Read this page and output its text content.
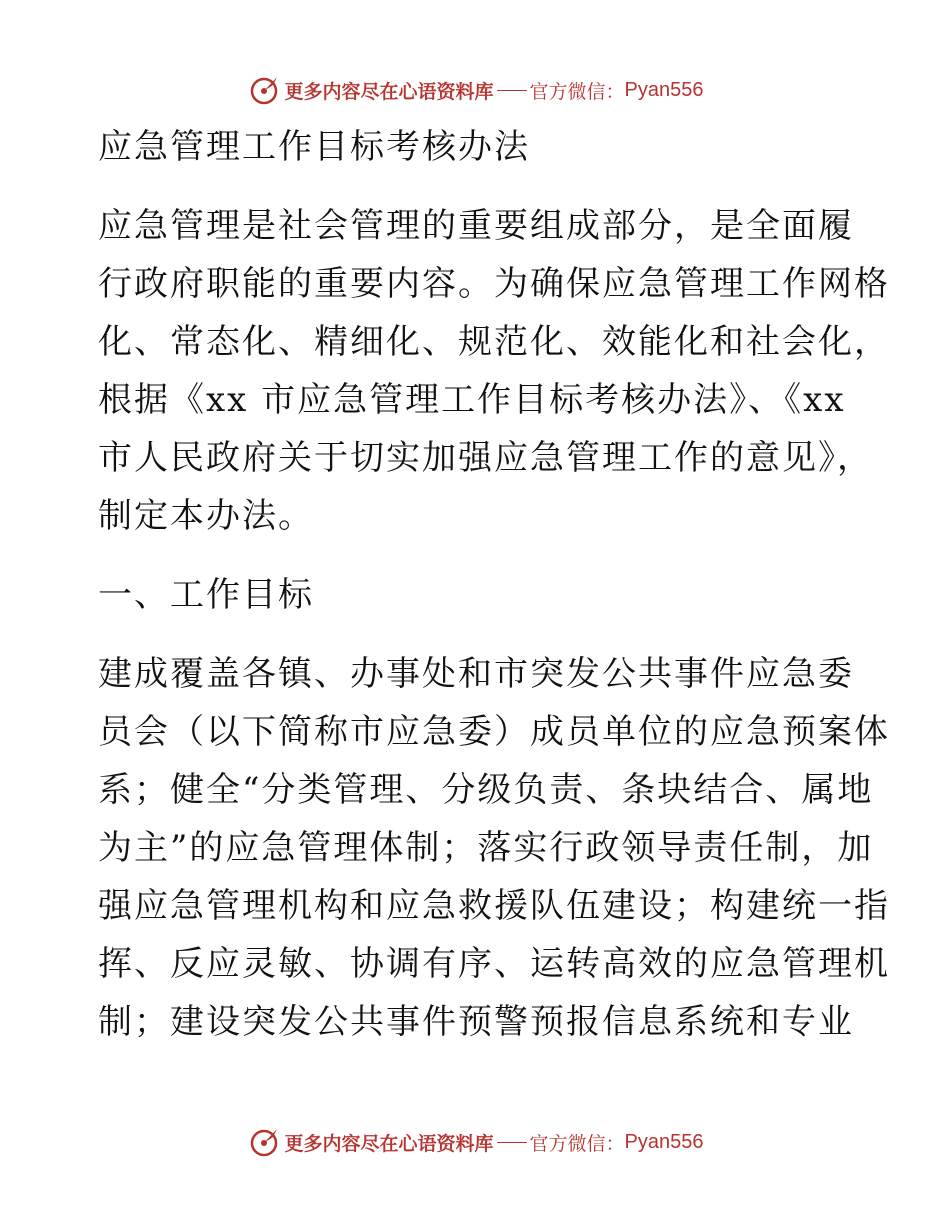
更多内容尽在心语资料库 官方微信： Pyan556
应急管理工作目标考核办法
应急管理是社会管理的重要组成部分，是全面履
行政府职能的重要内容。为确保应急管理工作网格
化、常态化、精细化、规范化、效能化和社会化，
根据《xx 市应急管理工作目标考核办法》、《xx
市人民政府关于切实加强应急管理工作的意见》，
制定本办法。
一、工作目标
建成覆盖各镇、办事处和市突发公共事件应急委
员会（以下简称市应急委）成员单位的应急预案体
系；健全“分类管理、分级负责、条块结合、属地
为主”的应急管理体制；落实行政领导责任制，加
强应急管理机构和应急救援队伍建设；构建统一指
挥、反应灵敏、协调有序、运转高效的应急管理机
制；建设突发公共事件预警预报信息系统和专业
更多内容尽在心语资料库 官方微信： Pyan556
